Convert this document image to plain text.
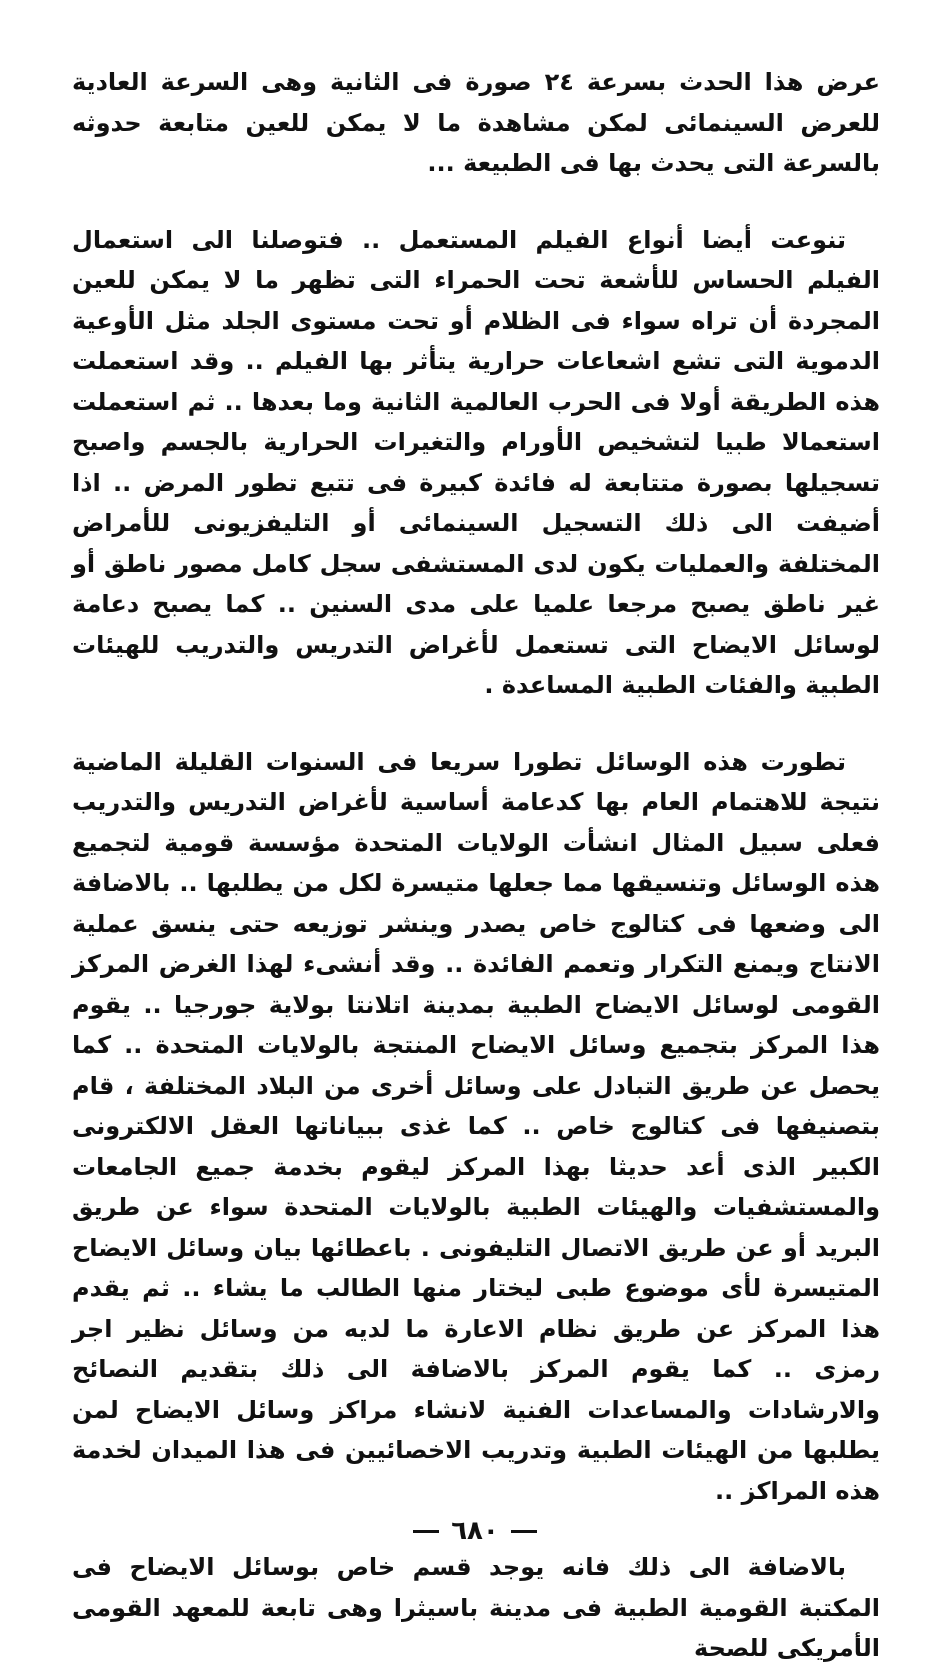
عرض هذا الحدث بسرعة ٢٤ صورة فى الثانية وهى السرعة العادية للعرض السينمائى لمكن مشاهدة ما لا يمكن للعين متابعة حدوثه بالسرعة التى يحدث بها فى الطبيعة ...

تنوعت أيضا أنواع الفيلم المستعمل .. فتوصلنا الى استعمال الفيلم الحساس للأشعة تحت الحمراء التى تظهر ما لا يمكن للعين المجردة أن تراه سواء فى الظلام أو تحت مستوى الجلد مثل الأوعية الدموية التى تشع اشعاعات حرارية يتأثر بها الفيلم .. وقد استعملت هذه الطريقة أولا فى الحرب العالمية الثانية وما بعدها .. ثم استعملت استعمالا طبيا لتشخيص الأورام والتغيرات الحرارية بالجسم واصبح تسجيلها بصورة متتابعة له فائدة كبيرة فى تتبع تطور المرض .. اذا أضيفت الى ذلك التسجيل السينمائى أو التليفزيونى للأمراض المختلفة والعمليات يكون لدى المستشفى سجل كامل مصور ناطق أو غير ناطق يصبح مرجعا علميا على مدى السنين .. كما يصبح دعامة لوسائل الايضاح التى تستعمل لأغراض التدريس والتدريب للهيئات الطبية والفئات الطبية المساعدة .

تطورت هذه الوسائل تطورا سريعا فى السنوات القليلة الماضية نتيجة للاهتمام العام بها كدعامة أساسية لأغراض التدريس والتدريب فعلى سبيل المثال انشأت الولايات المتحدة مؤسسة قومية لتجميع هذه الوسائل وتنسيقها مما جعلها متيسرة لكل من يطلبها .. بالاضافة الى وضعها فى كتالوج خاص يصدر وينشر توزيعه حتى ينسق عملية الانتاج ويمنع التكرار وتعمم الفائدة .. وقد أنشىء لهذا الغرض المركز القومى لوسائل الايضاح الطبية بمدينة اتلانتا بولاية جورجيا .. يقوم هذا المركز بتجميع وسائل الايضاح المنتجة بالولايات المتحدة .. كما يحصل عن طريق التبادل على وسائل أخرى من البلاد المختلفة ، قام بتصنيفها فى كتالوج خاص .. كما غذى ببياناتها العقل الالكترونى الكبير الذى أعد حديثا بهذا المركز ليقوم بخدمة جميع الجامعات والمستشفيات والهيئات الطبية بالولايات المتحدة سواء عن طريق البريد أو عن طريق الاتصال التليفونى . باعطائها بيان وسائل الايضاح المتيسرة لأى موضوع طبى ليختار منها الطالب ما يشاء .. ثم يقدم هذا المركز عن طريق نظام الاعارة ما لديه من وسائل نظير اجر رمزى .. كما يقوم المركز بالاضافة الى ذلك بتقديم النصائح والارشادات والمساعدات الفنية لانشاء مراكز وسائل الايضاح لمن يطلبها من الهيئات الطبية وتدريب الاخصائيين فى هذا الميدان لخدمة هذه المراكز ..

بالاضافة الى ذلك فانه يوجد قسم خاص بوسائل الايضاح فى المكتبة القومية الطبية فى مدينة باسيثرا وهى تابعة للمعهد القومى الأمريكى للصحة

٦٨٠
